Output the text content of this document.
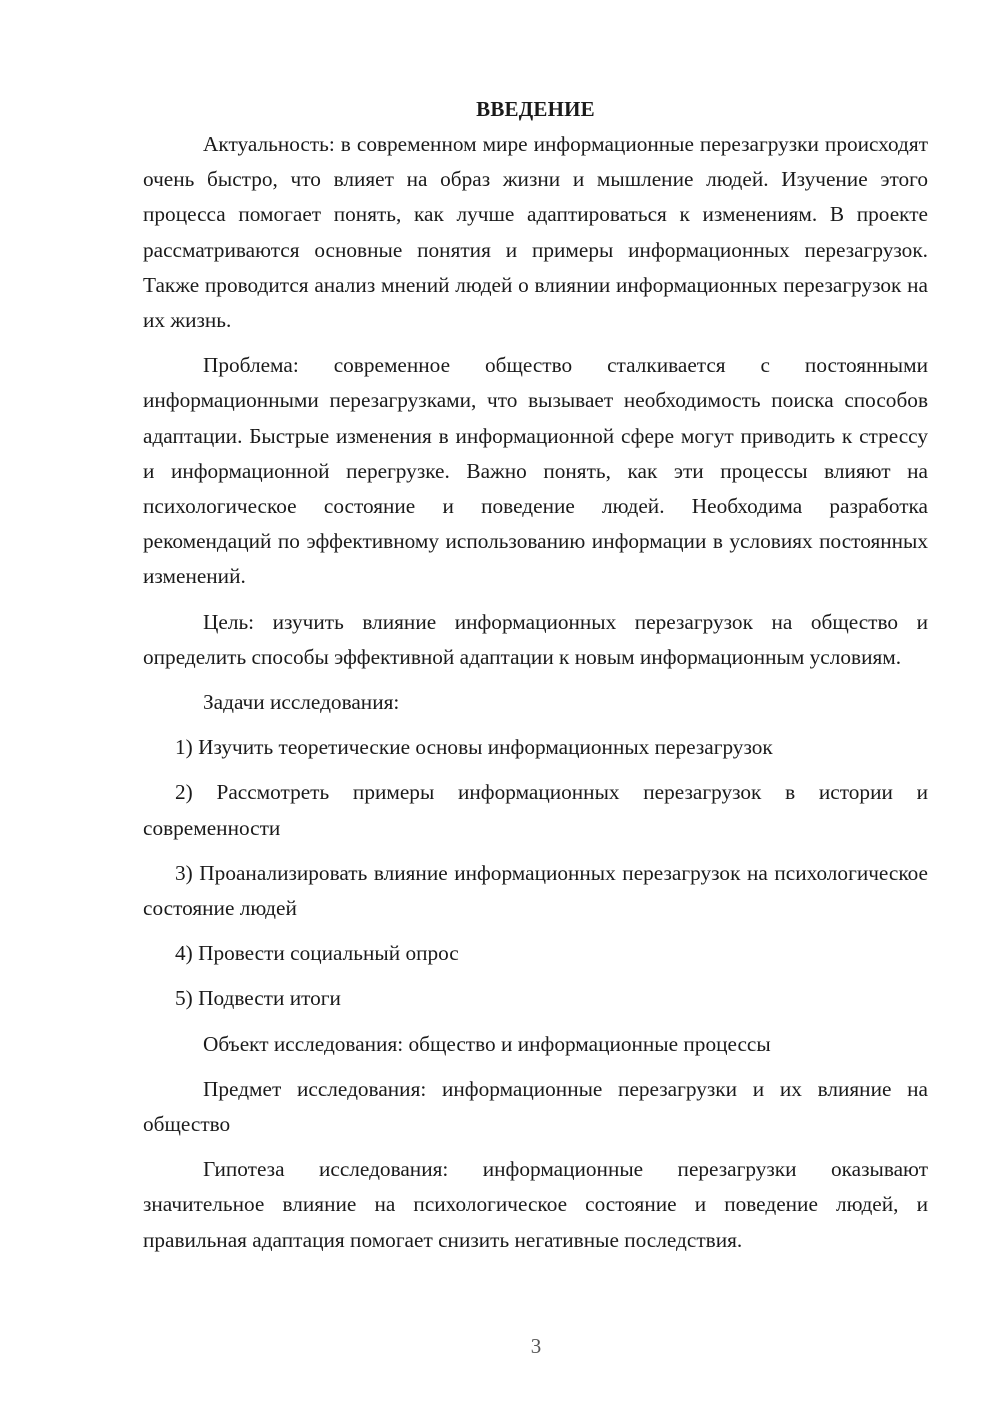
ВВЕДЕНИЕ

Актуальность: в современном мире информационные перезагрузки происходят очень быстро, что влияет на образ жизни и мышление людей. Изучение этого процесса помогает понять, как лучше адаптироваться к изменениям. В проекте рассматриваются основные понятия и примеры информационных перезагрузок. Также проводится анализ мнений людей о влиянии информационных перезагрузок на их жизнь.

Проблема: современное общество сталкивается с постоянными информационными перезагрузками, что вызывает необходимость поиска способов адаптации. Быстрые изменения в информационной сфере могут приводить к стрессу и информационной перегрузке. Важно понять, как эти процессы влияют на психологическое состояние и поведение людей. Необходима разработка рекомендаций по эффективному использованию информации в условиях постоянных изменений.

Цель: изучить влияние информационных перезагрузок на общество и определить способы эффективной адаптации к новым информационным условиям.

Задачи исследования:

1) Изучить теоретические основы информационных перезагрузок

2) Рассмотреть примеры информационных перезагрузок в истории и современности

3) Проанализировать влияние информационных перезагрузок на психологическое состояние людей

4) Провести социальный опрос

5) Подвести итоги

Объект исследования: общество и информационные процессы

Предмет исследования: информационные перезагрузки и их влияние на общество

Гипотеза исследования: информационные перезагрузки оказывают значительное влияние на психологическое состояние и поведение людей, и правильная адаптация помогает снизить негативные последствия.

3
